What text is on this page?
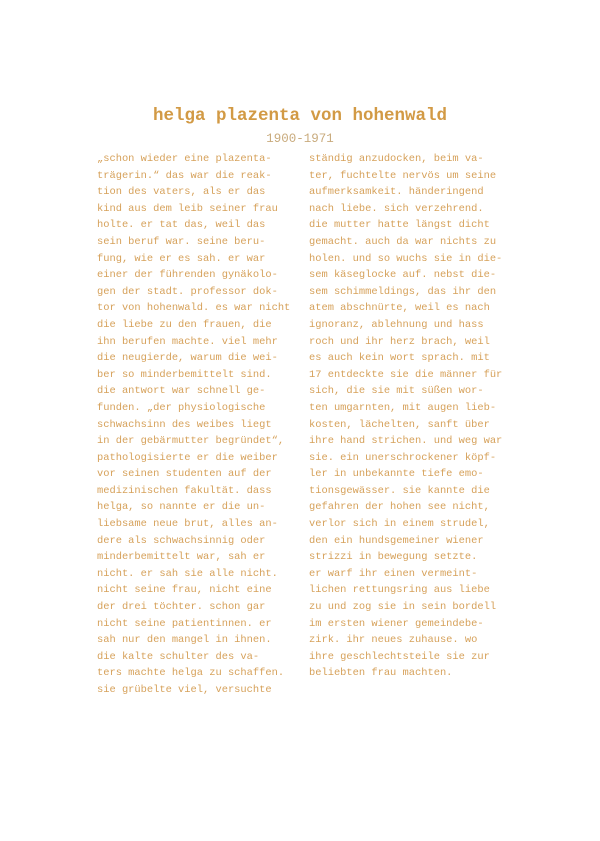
helga plazenta von hohenwald
1900-1971
„schon wieder eine plazenta-
trägerin.“ das war die reak-
tion des vaters, als er das
kind aus dem leib seiner frau
holte. er tat das, weil das
sein beruf war. seine beru-
fung, wie er es sah. er war
einer der führenden gynäkolo-
gen der stadt. professor dok-
tor von hohenwald. es war nicht
die liebe zu den frauen, die
ihn berufen machte. viel mehr
die neugierde, warum die wei-
ber so minderbemittelt sind.
die antwort war schnell ge-
funden. „der physiologische
schwachsinn des weibes liegt
in der gebärmutter begründet“,
pathologisierte er die weiber
vor seinen studenten auf der
medizinischen fakultät. dass
helga, so nannte er die un-
liebsame neue brut, alles an-
dere als schwachsinnig oder
minderbemittelt war, sah er
nicht. er sah sie alle nicht.
nicht seine frau, nicht eine
der drei töchter. schon gar
nicht seine patientinnen. er
sah nur den mangel in ihnen.
die kalte schulter des va-
ters machte helga zu schaffen.
sie grübelte viel, versuchte
ständig anzudocken, beim va-
ter, fuchtelte nervös um seine
aufmerksamkeit. händeringend
nach liebe. sich verzehrend.
die mutter hatte längst dicht
gemacht. auch da war nichts zu
holen. und so wuchs sie in die-
sem käseglocke auf. nebst die-
sem schimmeldings, das ihr den
atem abschnürte, weil es nach
ignoranz, ablehnung und hass
roch und ihr herz brach, weil
es auch kein wort sprach. mit
17 entdeckte sie die männer für
sich, die sie mit süßen wor-
ten umgarnten, mit augen lieb-
kosten, lächelten, sanft über
ihre hand strichen. und weg war
sie. ein unerschrockener köpf-
ler in unbekannte tiefe emo-
tionsgewässer. sie kannte die
gefahren der hohen see nicht,
verlor sich in einem strudel,
den ein hundsgemeiner wiener
strizzi in bewegung setzte.
er warf ihr einen vermeint-
lichen rettungsring aus liebe
zu und zog sie in sein bordell
im ersten wiener gemeindebe-
zirk. ihr neues zuhause. wo
ihre geschlechtsteile sie zur
beliebten frau machten.
